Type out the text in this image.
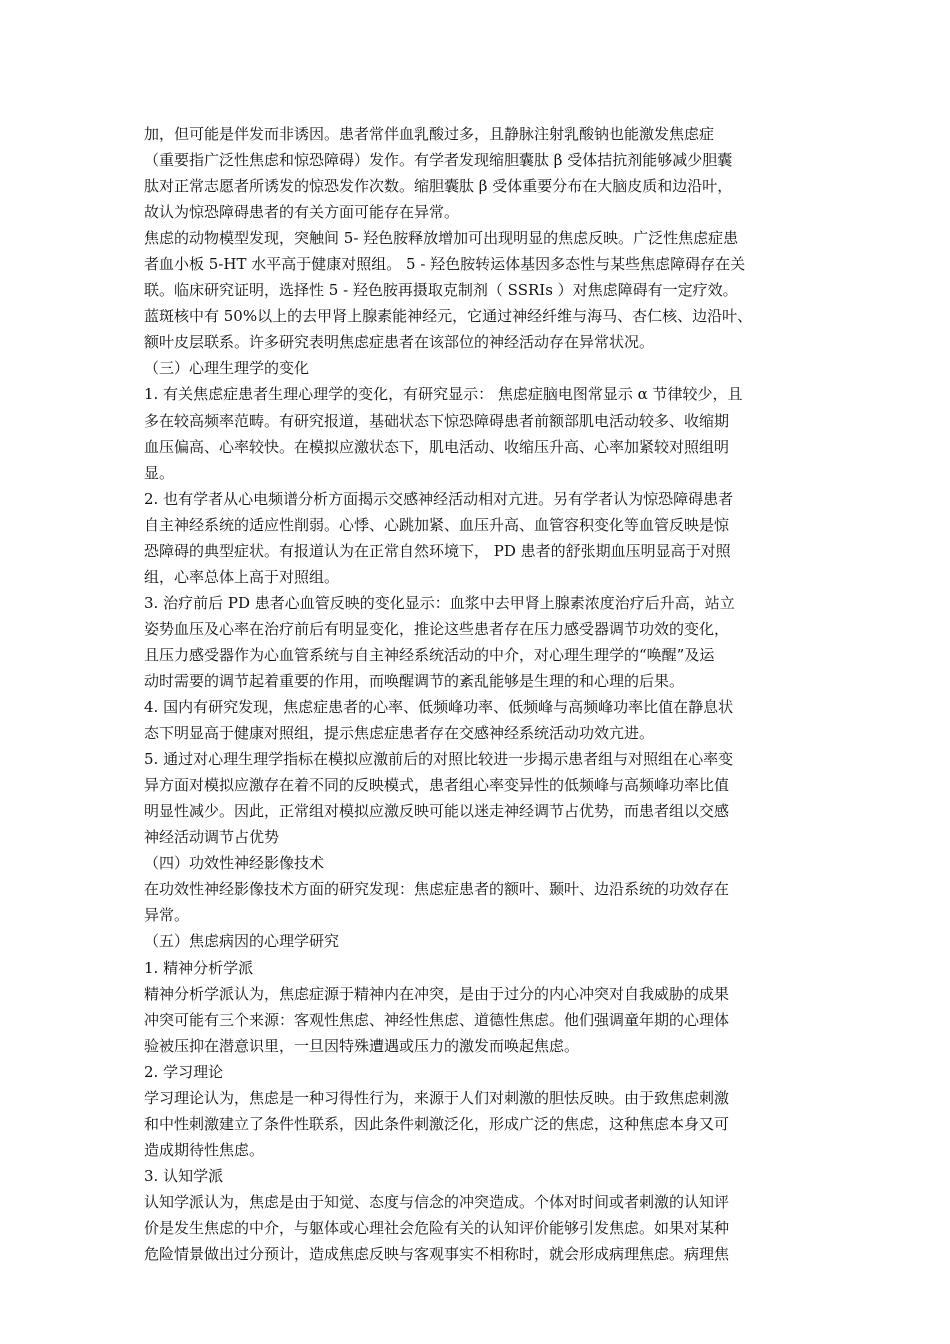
加，但可能是伴发而非诱因。患者常伴血乳酸过多，且静脉注射乳酸钠也能激发焦虑症
（重要指广泛性焦虑和惊恐障碍）发作。有学者发现缩胆囊肽 β 受体拮抗剂能够减少胆囊
肽对正常志愿者所诱发的惊恐发作次数。缩胆囊肽 β 受体重要分布在大脑皮质和边沿叶，
故认为惊恐障碍患者的有关方面可能存在异常。
焦虑的动物模型发现，突触间 5- 羟色胺释放增加可出现明显的焦虑反映。广泛性焦虑症患
者血小板 5-HT 水平高于健康对照组。 5 - 羟色胺转运体基因多态性与某些焦虑障碍存在关
联。临床研究证明，选择性 5 - 羟色胺再摄取克制剂（ SSRIs ）对焦虑障碍有一定疗效。
蓝斑核中有 50%以上的去甲肾上腺素能神经元，它通过神经纤维与海马、杏仁核、边沿叶、
额叶皮层联系。许多研究表明焦虑症患者在该部位的神经活动存在异常状况。
（三）心理生理学的变化
1. 有关焦虑症患者生理心理学的变化，有研究显示： 焦虑症脑电图常显示 α 节律较少，且
多在较高频率范畴。有研究报道，基础状态下惊恐障碍患者前额部肌电活动较多、收缩期
血压偏高、心率较快。在模拟应激状态下，肌电活动、收缩压升高、心率加紧较对照组明
显。
2. 也有学者从心电频谱分析方面揭示交感神经活动相对亢进。另有学者认为惊恐障碍患者
自主神经系统的适应性削弱。心悸、心跳加紧、血压升高、血管容积变化等血管反映是惊
恐障碍的典型症状。有报道认为在正常自然环境下， PD 患者的舒张期血压明显高于对照
组，心率总体上高于对照组。
3. 治疗前后 PD 患者心血管反映的变化显示：血浆中去甲肾上腺素浓度治疗后升高，站立
姿势血压及心率在治疗前后有明显变化，推论这些患者存在压力感受器调节功效的变化，
且压力感受器作为心血管系统与自主神经系统活动的中介，对心理生理学的“唤醒”及运
动时需要的调节起着重要的作用，而唤醒调节的紊乱能够是生理的和心理的后果。
4. 国内有研究发现，焦虑症患者的心率、低频峰功率、低频峰与高频峰功率比值在静息状
态下明显高于健康对照组，提示焦虑症患者存在交感神经系统活动功效亢进。
5. 通过对心理生理学指标在模拟应激前后的对照比较进一步揭示患者组与对照组在心率变
异方面对模拟应激存在着不同的反映模式，患者组心率变异性的低频峰与高频峰功率比值
明显性减少。因此，正常组对模拟应激反映可能以迷走神经调节占优势，而患者组以交感
神经活动调节占优势
（四）功效性神经影像技术
在功效性神经影像技术方面的研究发现：焦虑症患者的额叶、颞叶、边沿系统的功效存在
异常。
（五）焦虑病因的心理学研究
1. 精神分析学派
精神分析学派认为，焦虑症源于精神内在冲突，是由于过分的内心冲突对自我威胁的成果
冲突可能有三个来源：客观性焦虑、神经性焦虑、道德性焦虑。他们强调童年期的心理体
验被压抑在潜意识里，一旦因特殊遭遇或压力的激发而唤起焦虑。
2. 学习理论
学习理论认为，焦虑是一种习得性行为，来源于人们对刺激的胆怯反映。由于致焦虑刺激
和中性刺激建立了条件性联系，因此条件刺激泛化，形成广泛的焦虑，这种焦虑本身又可
造成期待性焦虑。
3. 认知学派
认知学派认为，焦虑是由于知觉、态度与信念的冲突造成。个体对时间或者刺激的认知评
价是发生焦虑的中介，与躯体或心理社会危险有关的认知评价能够引发焦虑。如果对某种
危险情景做出过分预计，造成焦虑反映与客观事实不相称时，就会形成病理焦虑。病理焦
